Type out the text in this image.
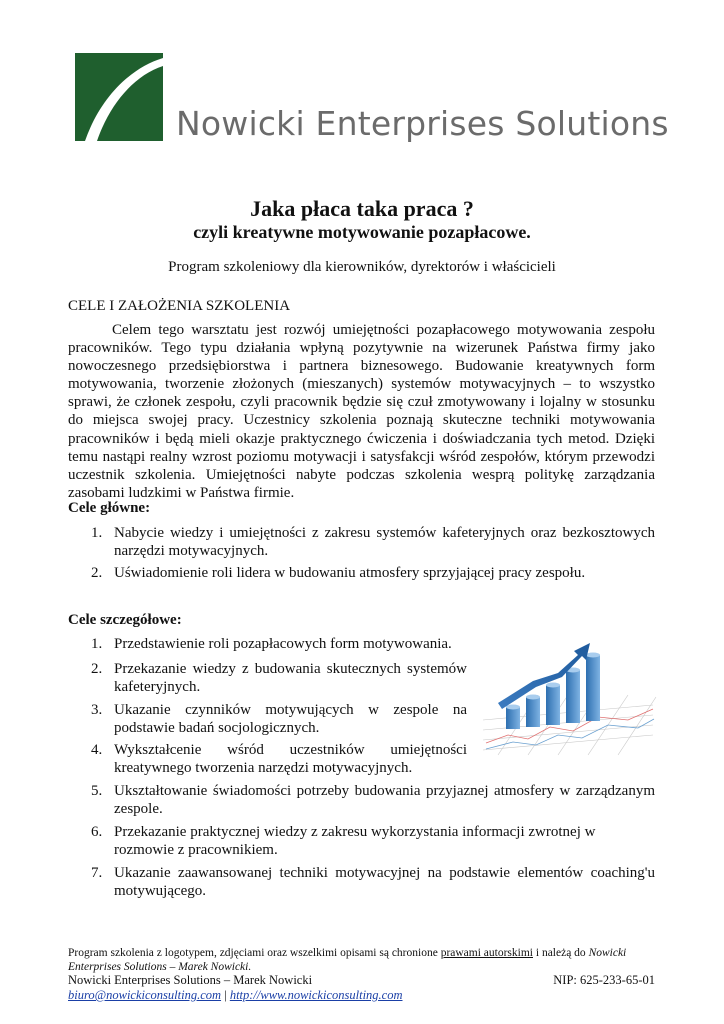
Nowicki Enterprises Solutions
Jaka płaca taka praca ?
czyli kreatywne motywowanie pozapłacowe.
Program szkoleniowy dla kierowników, dyrektorów i właścicieli
CELE I ZAŁOŻENIA SZKOLENIA

Celem tego warsztatu jest rozwój umiejętności pozapłacowego motywowania zespołu pracowników. Tego typu działania wpłyną pozytywnie na wizerunek Państwa firmy jako nowoczesnego przedsiębiorstwa i partnera biznesowego. Budowanie kreatywnych form motywowania, tworzenie złożonych (mieszanych) systemów motywacyjnych – to wszystko sprawi, że członek zespołu, czyli pracownik będzie się czuł zmotywowany i lojalny w stosunku do miejsca swojej pracy. Uczestnicy szkolenia poznają skuteczne techniki motywowania pracowników i będą mieli okazje praktycznego ćwiczenia i doświadczania tych metod. Dzięki temu nastąpi realny wzrost poziomu motywacji i satysfakcji wśród zespołów, którym przewodzi uczestnik szkolenia. Umiejętności nabyte podczas szkolenia wesprą politykę zarządzania zasobami ludzkimi w Państwa firmie.

Cele główne:
1. Nabycie wiedzy i umiejętności z zakresu systemów kafeteryjnych oraz bezkosztowych narzędzi motywacyjnych.
2. Uświadomienie roli lidera w budowaniu atmosfery sprzyjającej pracy zespołu.
Cele szczegółowe:
1. Przedstawienie roli pozapłacowych form motywowania.
2. Przekazanie wiedzy z budowania skutecznych systemów kafeteryjnych.
3. Ukazanie czynników motywujących w zespole na podstawie badań socjologicznych.
4. Wykształcenie wśród uczestników umiejętności kreatywnego tworzenia narzędzi motywacyjnych.
5. Ukształtowanie świadomości potrzeby budowania przyjaznej atmosfery w zarządzanym zespole.
6. Przekazanie praktycznej wiedzy z zakresu wykorzystania informacji zwrotnej w rozmowie z pracownikiem.
7. Ukazanie zaawansowanej techniki motywacyjnej na podstawie elementów coaching'u motywującego.
Program szkolenia z logotypem, zdjęciami oraz wszelkimi opisami są chronione prawami autorskimi i należą do Nowicki Enterprises Solutions – Marek Nowicki.
Nowicki Enterprises Solutions – Marek Nowicki	NIP: 625-233-65-01
biuro@nowickiconsulting.com | http://www.nowickiconsulting.com
